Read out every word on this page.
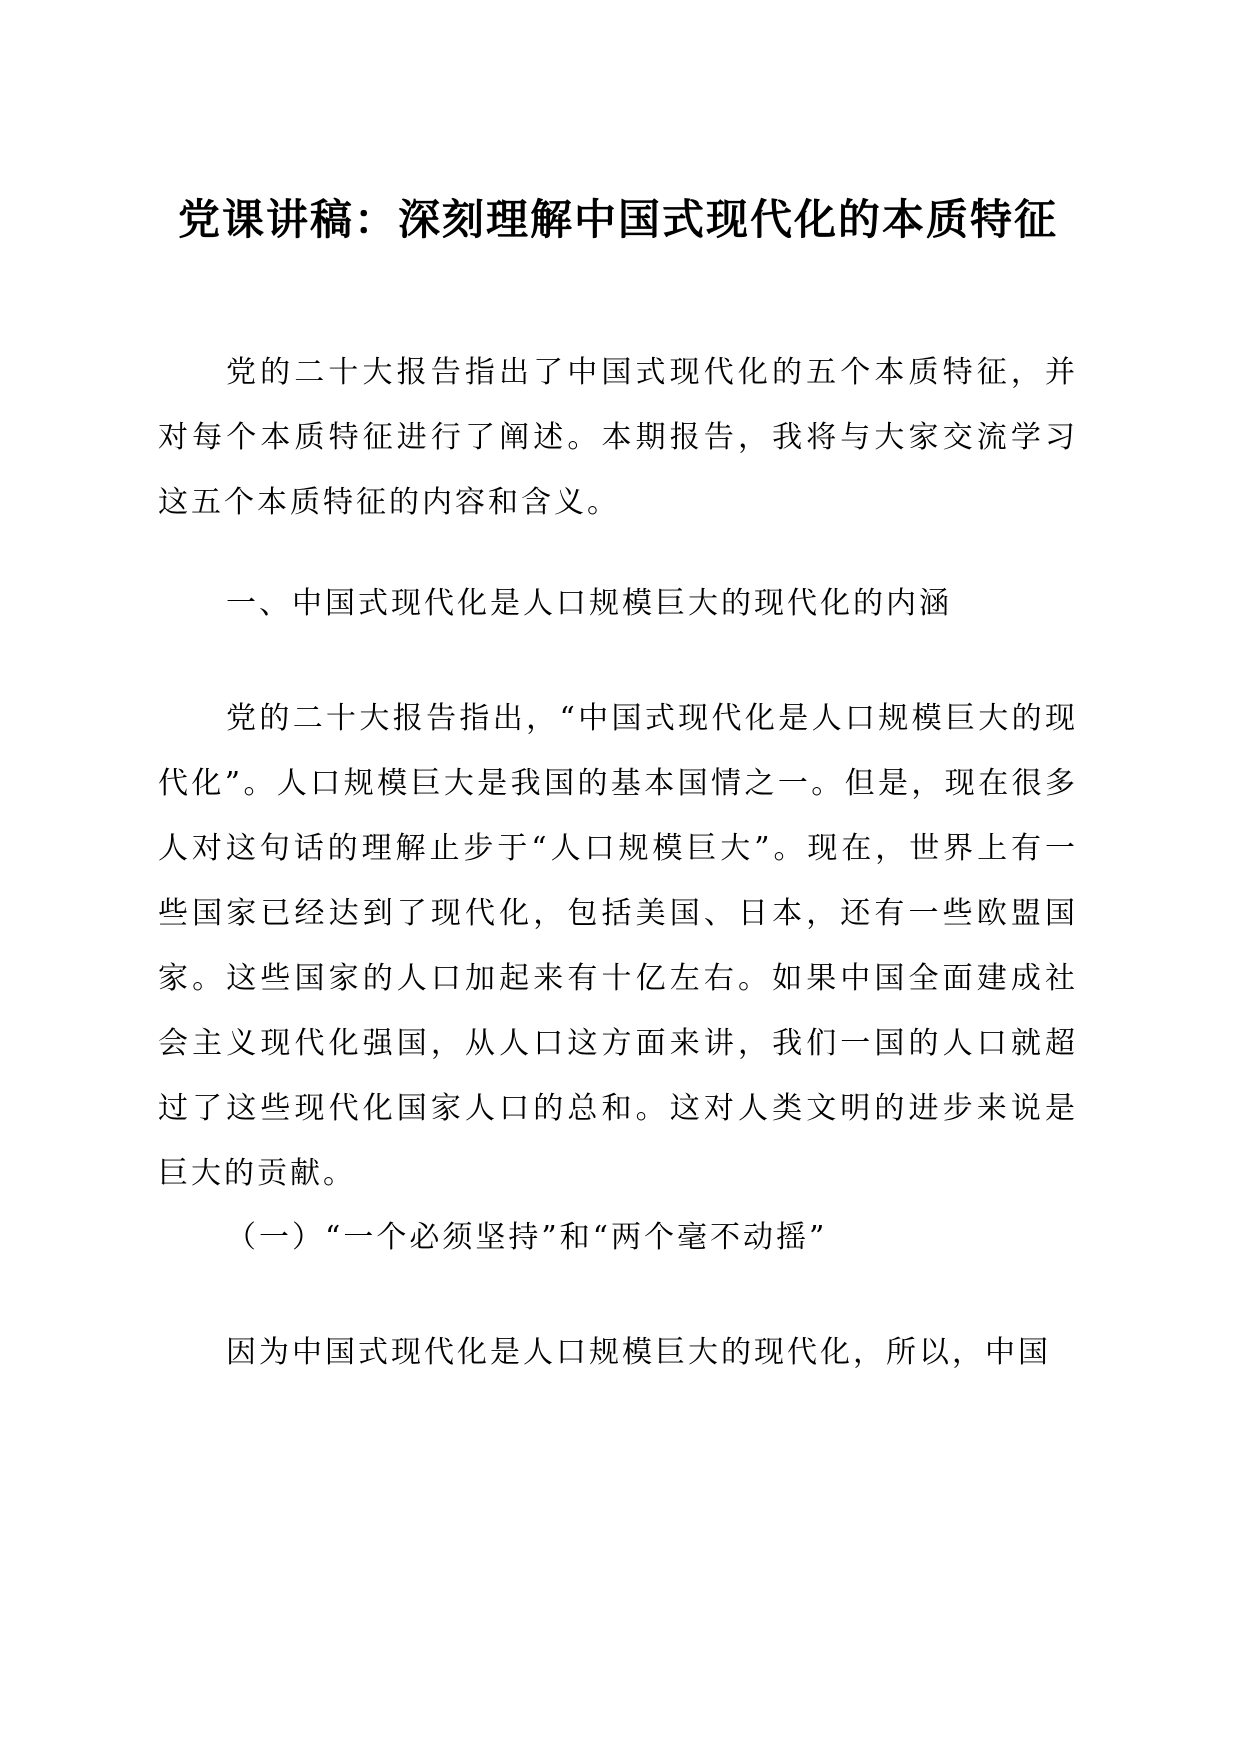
党课讲稿：深刻理解中国式现代化的本质特征
党的二十大报告指出了中国式现代化的五个本质特征，并对每个本质特征进行了阐述。本期报告，我将与大家交流学习这五个本质特征的内容和含义。
一、中国式现代化是人口规模巨大的现代化的内涵
党的二十大报告指出，“中国式现代化是人口规模巨大的现代化”。人口规模巨大是我国的基本国情之一。但是，现在很多人对这句话的理解止步于“人口规模巨大”。现在，世界上有一些国家已经达到了现代化，包括美国、日本，还有一些欧盟国家。这些国家的人口加起来有十亿左右。如果中国全面建成社会主义现代化强国，从人口这方面来讲，我们一国的人口就超过了这些现代化国家人口的总和。这对人类文明的进步来说是巨大的贡献。
（一）“一个必须坚持”和“两个毫不动摇”
因为中国式现代化是人口规模巨大的现代化，所以，中国
